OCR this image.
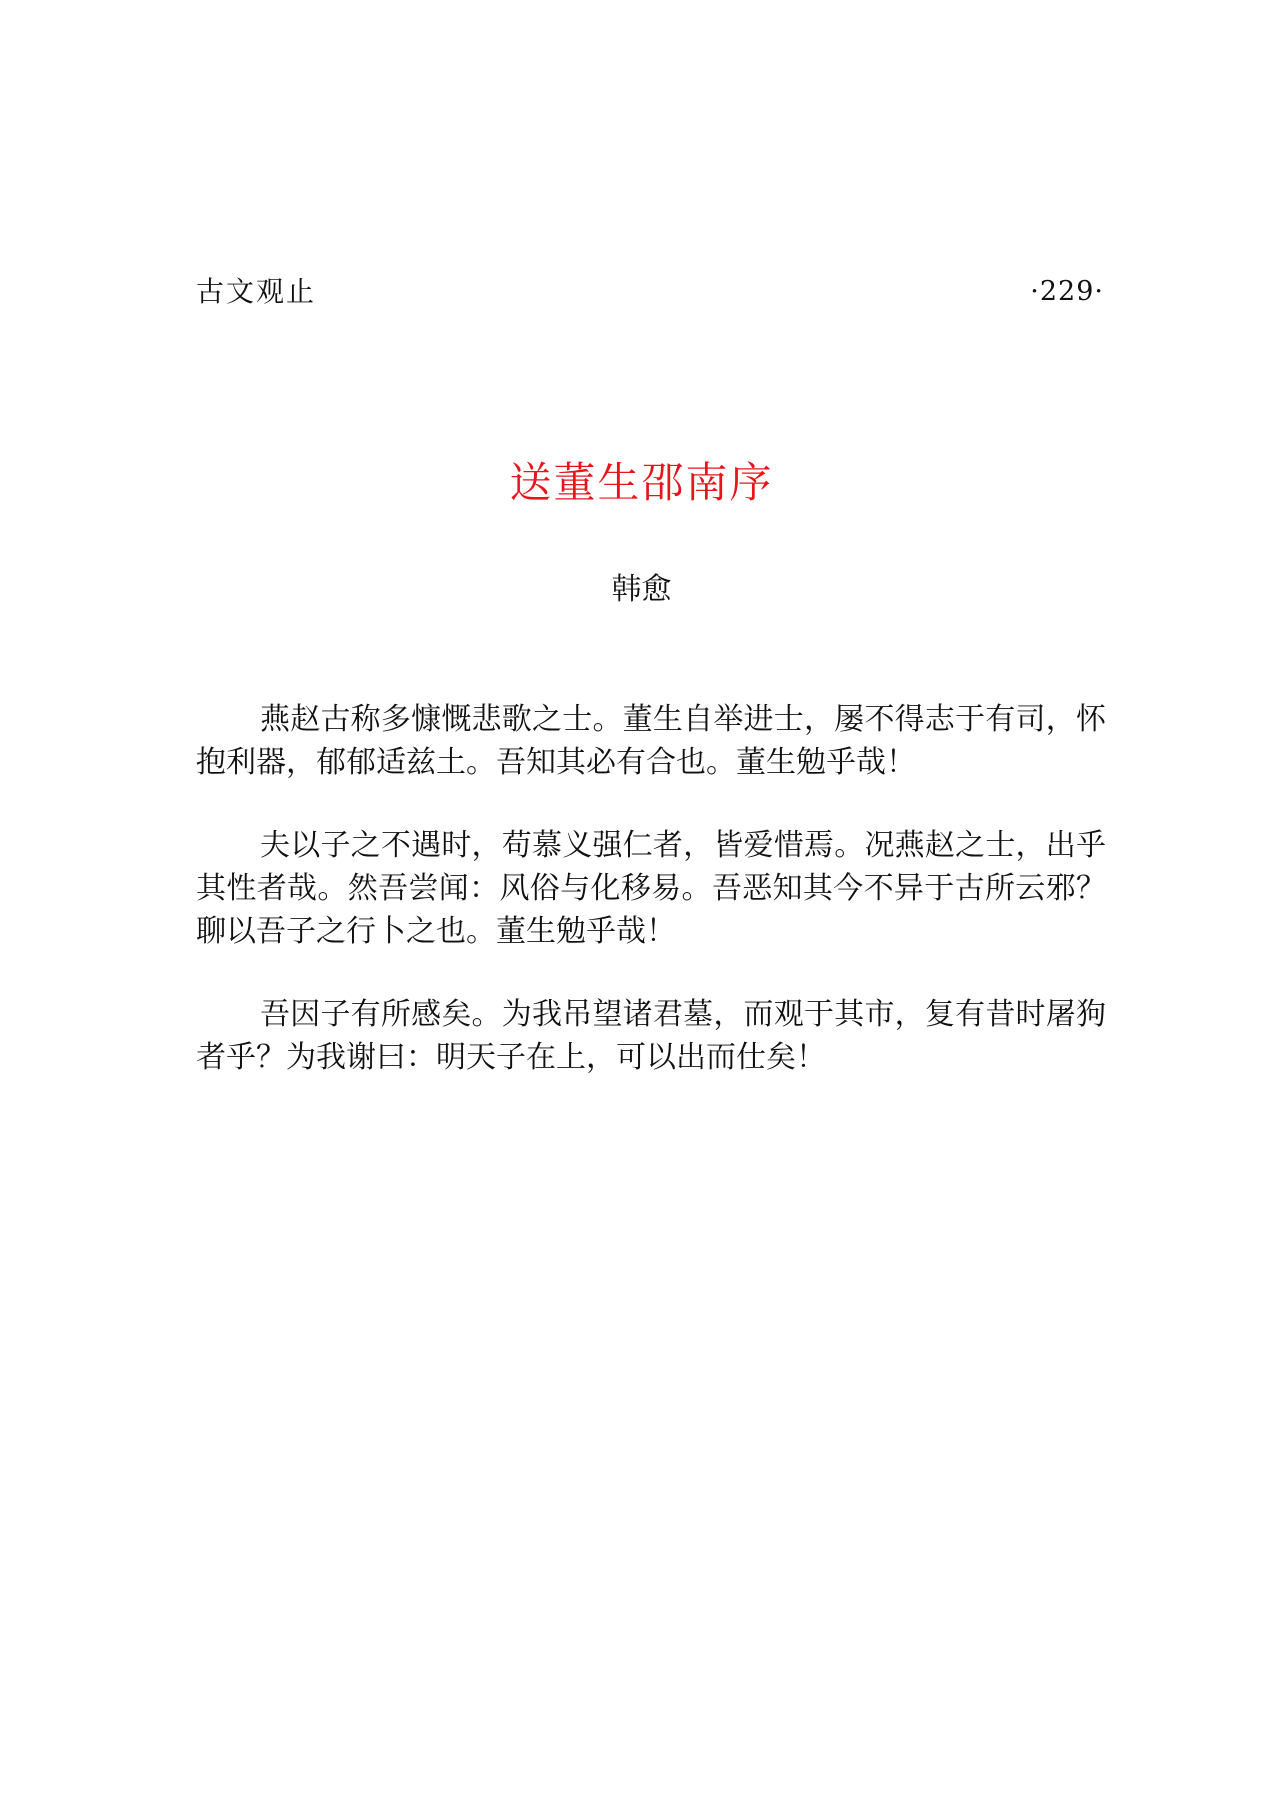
古文观止	·229·
送董生邵南序
韩愈

燕赵古称多慷慨悲歌之士。董生自举进士，屡不得志于有司，怀抱利器，郁郁适兹土。吾知其必有合也。董生勉乎哉！

夫以子之不遇时，苟慕义强仁者，皆爱惜焉。况燕赵之士，出乎其性者哉。然吾尝闻：风俗与化移易。吾恶知其今不异于古所云邪？聊以吾子之行卜之也。董生勉乎哉！

吾因子有所感矣。为我吊望诸君墓，而观于其市，复有昔时屠狗者乎？为我谢曰：明天子在上，可以出而仕矣！
